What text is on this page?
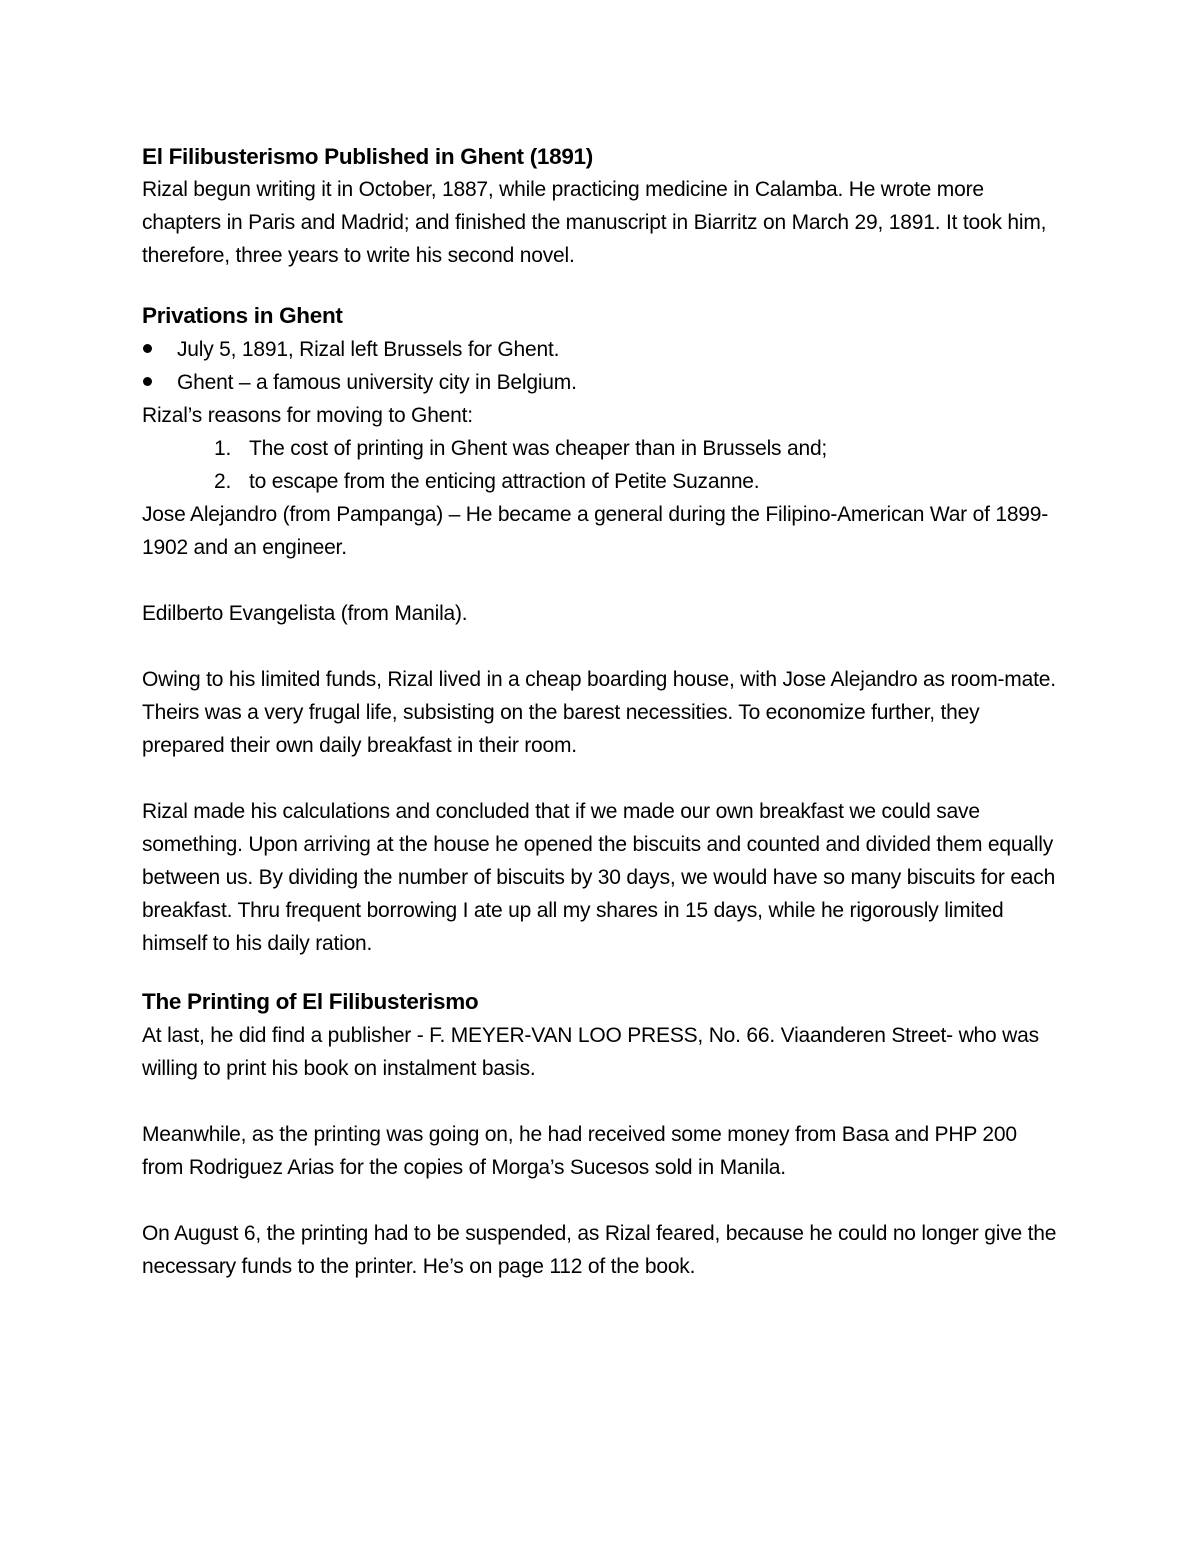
El Filibusterismo Published in Ghent (1891)

Rizal begun writing it in October, 1887, while practicing medicine in Calamba. He wrote more chapters in Paris and Madrid; and finished the manuscript in Biarritz on March 29, 1891. It took him, therefore, three years to write his second novel.

Privations in Ghent
July 5, 1891, Rizal left Brussels for Ghent.
Ghent – a famous university city in Belgium.

Rizal’s reasons for moving to Ghent:

1. The cost of printing in Ghent was cheaper than in Brussels and;
2. to escape from the enticing attraction of Petite Suzanne.

Jose Alejandro (from Pampanga) – He became a general during the Filipino-American War of 1899-1902 and an engineer.

Edilberto Evangelista (from Manila).

Owing to his limited funds, Rizal lived in a cheap boarding house, with Jose Alejandro as room-mate. Theirs was a very frugal life, subsisting on the barest necessities. To economize further, they prepared their own daily breakfast in their room.

Rizal made his calculations and concluded that if we made our own breakfast we could save something. Upon arriving at the house he opened the biscuits and counted and divided them equally between us. By dividing the number of biscuits by 30 days, we would have so many biscuits for each breakfast. Thru frequent borrowing I ate up all my shares in 15 days, while he rigorously limited himself to his daily ration.

The Printing of El Filibusterismo

At last, he did find a publisher - F. MEYER-VAN LOO PRESS, No. 66. Viaanderen Street- who was willing to print his book on instalment basis.

Meanwhile, as the printing was going on, he had received some money from Basa and PHP 200 from Rodriguez Arias for the copies of Morga’s Sucesos sold in Manila.

On August 6, the printing had to be suspended, as Rizal feared, because he could no longer give the necessary funds to the printer. He’s on page 112 of the book.
